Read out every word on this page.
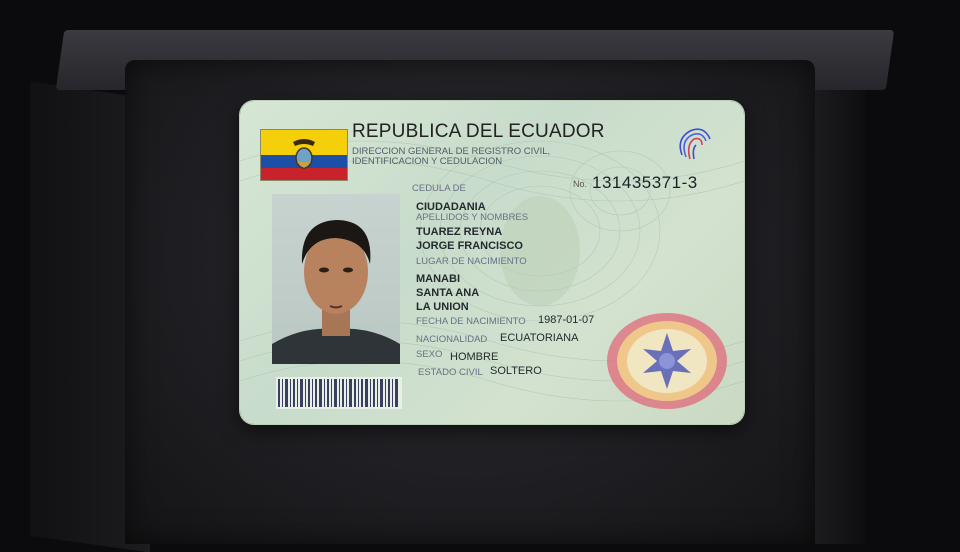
REPUBLICA DEL ECUADOR
DIRECCION GENERAL DE REGISTRO CIVIL,
IDENTIFICACION Y CEDULACION
CEDULA DE
CIUDADANIA
No. 131435371-3
APELLIDOS Y NOMBRES
TUAREZ REYNA
JORGE FRANCISCO
LUGAR DE NACIMIENTO
MANABI
SANTA ANA
LA UNION
FECHA DE NACIMIENTO 1987-01-07
NACIONALIDAD ECUATORIANA
SEXO HOMBRE
ESTADO CIVIL SOLTERO
